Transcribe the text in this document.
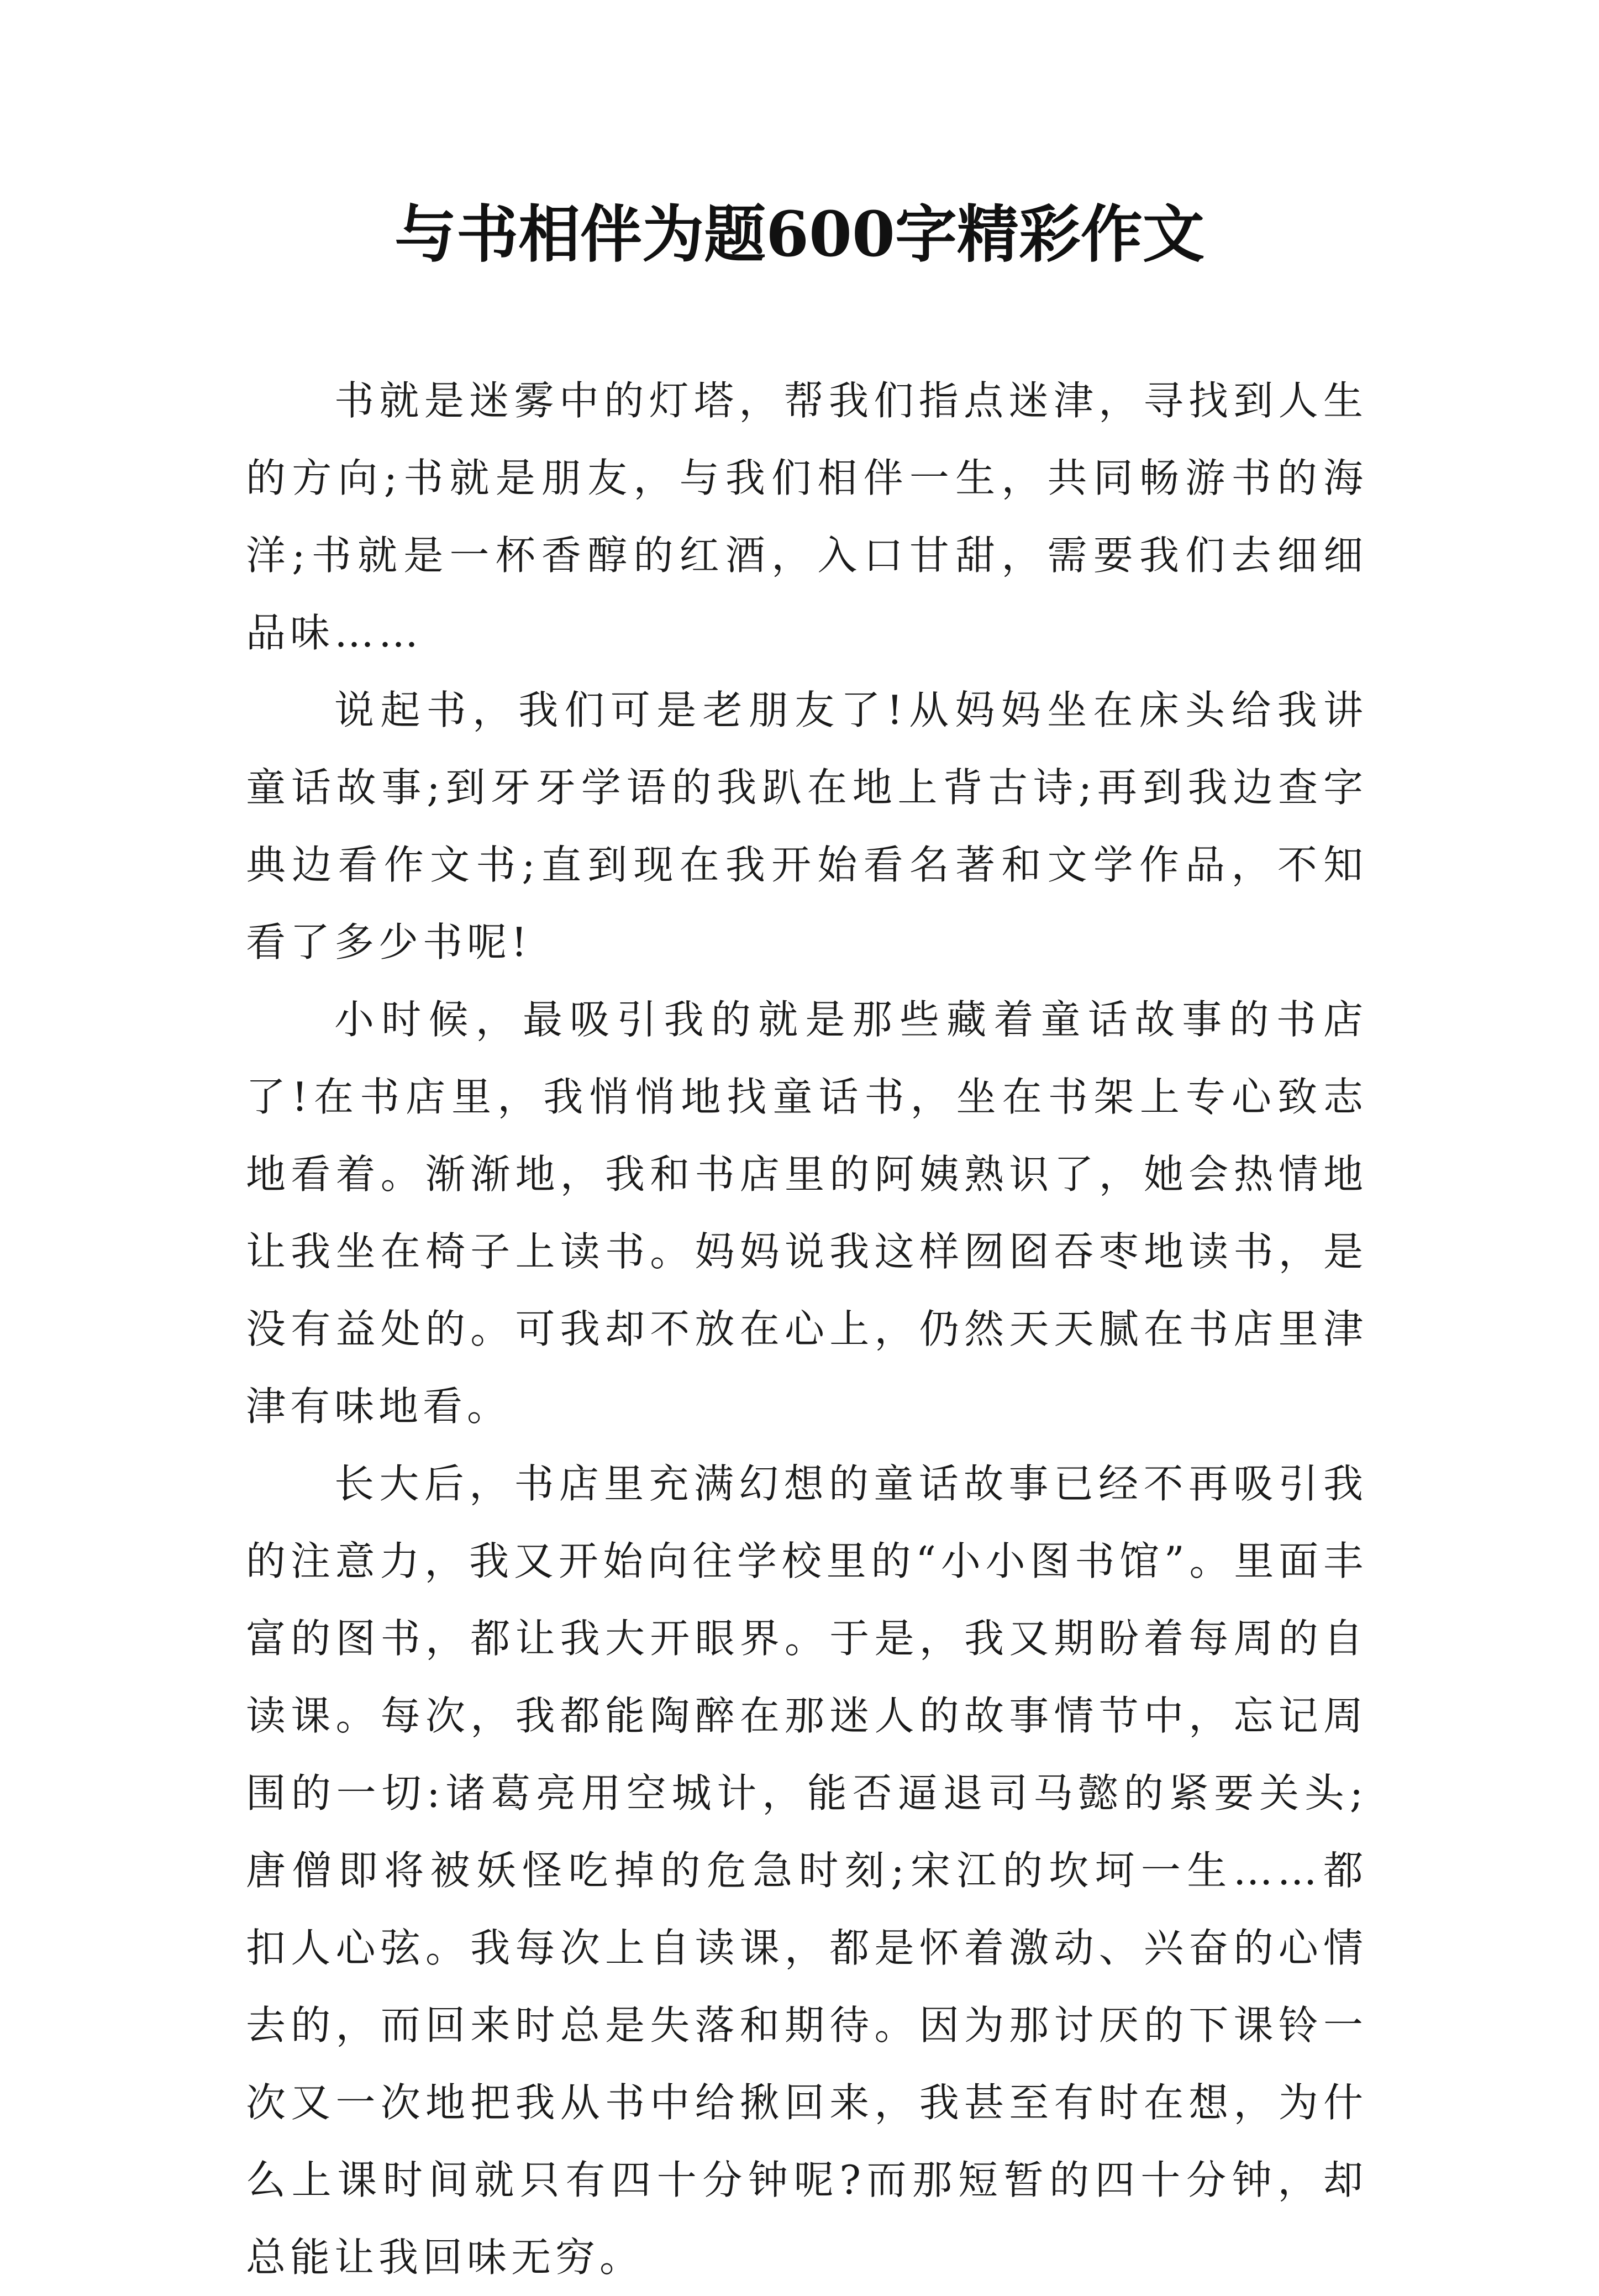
与书相伴为题600字精彩作文

书就是迷雾中的灯塔，帮我们指点迷津，寻找到人生的方向;书就是朋友，与我们相伴一生，共同畅游书的海洋;书就是一杯香醇的红酒，入口甘甜，需要我们去细细品味……

说起书，我们可是老朋友了!从妈妈坐在床头给我讲童话故事;到牙牙学语的我趴在地上背古诗;再到我边查字典边看作文书;直到现在我开始看名著和文学作品，不知看了多少书呢!

小时候，最吸引我的就是那些藏着童话故事的书店了!在书店里，我悄悄地找童话书，坐在书架上专心致志地看着。渐渐地，我和书店里的阿姨熟识了，她会热情地让我坐在椅子上读书。妈妈说我这样囫囵吞枣地读书，是没有益处的。可我却不放在心上，仍然天天腻在书店里津津有味地看。

长大后，书店里充满幻想的童话故事已经不再吸引我的注意力，我又开始向往学校里的“小小图书馆”。里面丰富的图书，都让我大开眼界。于是，我又期盼着每周的自读课。每次，我都能陶醉在那迷人的故事情节中，忘记周围的一切:诸葛亮用空城计，能否逼退司马懿的紧要关头;唐僧即将被妖怪吃掉的危急时刻;宋江的坎坷一生……都扣人心弦。我每次上自读课，都是怀着激动、兴奋的心情去的，而回来时总是失落和期待。因为那讨厌的下课铃一次又一次地把我从书中给揪回来，我甚至有时在想，为什么上课时间就只有四十分钟呢?而那短暂的四十分钟，却总能让我回味无穷。
